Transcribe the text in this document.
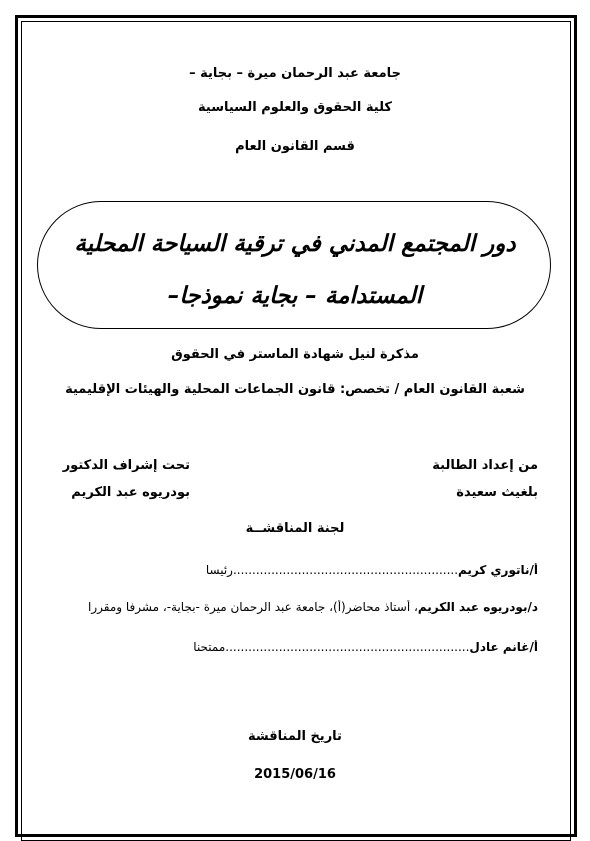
جامعة عبد الرحمان ميرة – بجاية –
كلية الحقوق والعلوم السياسية
قسم القانون العام
دور المجتمع المدني في ترقية السياحة المحلية
المستدامة – بجاية نموذجا–
مذكرة لنيل شهادة الماستر في الحقوق
شعبة القانون العام / تخصص: قانون الجماعات المحلية والهيئات الإقليمية
من إعداد الطالبة
بلغيث سعيدة
تحت إشراف الدكتور
بودريوه عبد الكريم
لجنة المناقشــة
أ/ناتوري كريم...........................................................رئيسا
د/بودريوه عبد الكريم، أستاذ محاضر(أ)، جامعة عبد الرحمان ميرة -بجاية-، مشرفا ومقررا
أ/غانم عادل................................................................ممتحنا
تاريخ المناقشة
2015/06/16
